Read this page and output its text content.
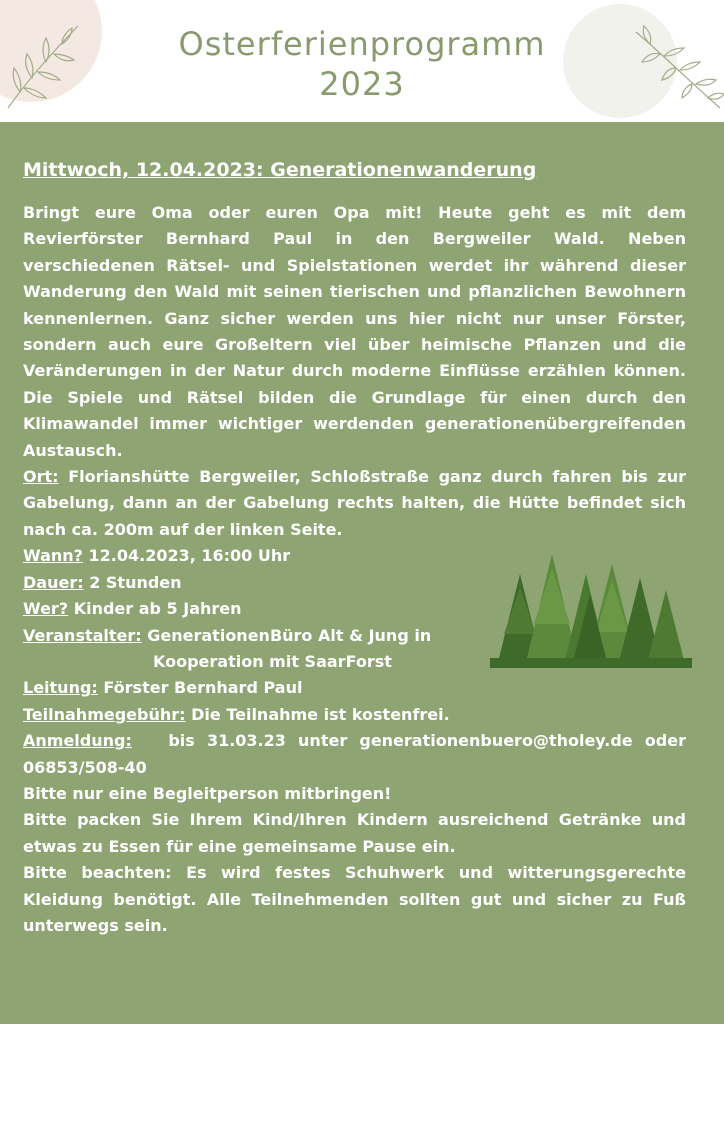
Osterferienprogramm
2023
Mittwoch, 12.04.2023: Generationenwanderung

Bringt eure Oma oder euren Opa mit! Heute geht es mit dem Revierförster Bernhard Paul in den Bergweiler Wald. Neben verschiedenen Rätsel- und Spielstationen werdet ihr während dieser Wanderung den Wald mit seinen tierischen und pflanzlichen Bewohnern kennenlernen. Ganz sicher werden uns hier nicht nur unser Förster, sondern auch eure Großeltern viel über heimische Pflanzen und die Veränderungen in der Natur durch moderne Einflüsse erzählen können. Die Spiele und Rätsel bilden die Grundlage für einen durch den Klimawandel immer wichtiger werdenden generationenübergreifenden Austausch.

Ort: Florianshütte Bergweiler, Schloßstraße ganz durch fahren bis zur Gabelung, dann an der Gabelung rechts halten, die Hütte befindet sich nach ca. 200m auf der linken Seite.

Wann? 12.04.2023, 16:00 Uhr

Dauer: 2 Stunden

Wer? Kinder ab 5 Jahren

Veranstalter: GenerationenBüro Alt & Jung in

Kooperation mit SaarForst

Leitung: Förster Bernhard Paul

Teilnahmegebühr: Die Teilnahme ist kostenfrei.

Anmeldung: bis 31.03.23 unter generationenbuero@tholey.de oder 06853/508-40

Bitte nur eine Begleitperson mitbringen!

Bitte packen Sie Ihrem Kind/Ihren Kindern ausreichend Getränke und etwas zu Essen für eine gemeinsame Pause ein.

Bitte beachten: Es wird festes Schuhwerk und witterungsgerechte Kleidung benötigt. Alle Teilnehmenden sollten gut und sicher zu Fuß unterwegs sein.

6
